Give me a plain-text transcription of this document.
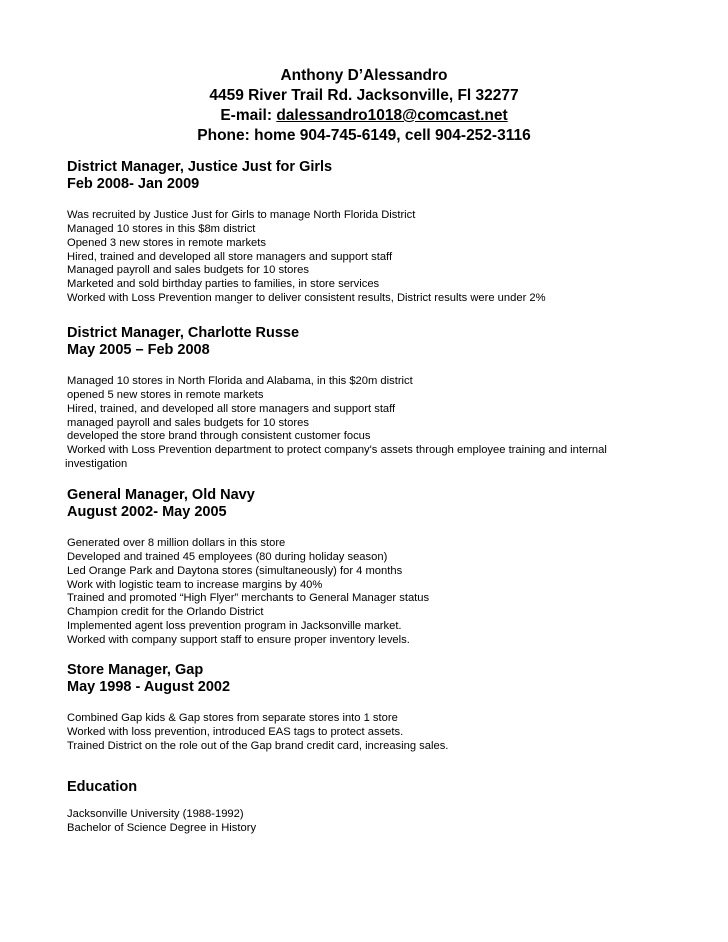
Anthony D’Alessandro
4459 River Trail Rd. Jacksonville, Fl 32277
E-mail: dalessandro1018@comcast.net
Phone: home 904-745-6149, cell 904-252-3116
District Manager, Justice Just for Girls
Feb 2008- Jan 2009
Was recruited by Justice Just for Girls to manage North Florida District
Managed 10 stores in this $8m district
Opened 3 new stores in remote markets
Hired, trained and developed all store managers and support staff
Managed payroll and sales budgets for 10 stores
Marketed and sold birthday parties to families, in store services
Worked with Loss Prevention manger to deliver consistent results, District results were under 2%
District Manager, Charlotte Russe
May 2005 – Feb 2008
Managed 10 stores in North Florida and Alabama, in this $20m district
opened 5 new stores in remote markets
Hired, trained, and developed all store managers and support staff
managed payroll and sales budgets for 10 stores
developed the store brand through consistent customer focus
Worked with Loss Prevention department to protect company's assets through employee training and internal
investigation
General Manager, Old Navy
August 2002- May 2005
Generated over 8 million dollars in this store
Developed and trained 45 employees (80 during holiday season)
Led Orange Park and Daytona stores (simultaneously) for 4 months
Work with logistic team to increase margins by 40%
Trained and promoted “High Flyer” merchants to General Manager status
Champion credit for the Orlando District
Implemented agent loss prevention program in Jacksonville market.
Worked with company support staff to ensure proper inventory levels.
Store Manager, Gap
May 1998 - August 2002
Combined Gap kids & Gap stores from separate stores into 1 store
Worked with loss prevention, introduced EAS tags to protect assets.
Trained District on the role out of the Gap brand credit card, increasing sales.
Education
Jacksonville University (1988-1992)
Bachelor of Science Degree in History
